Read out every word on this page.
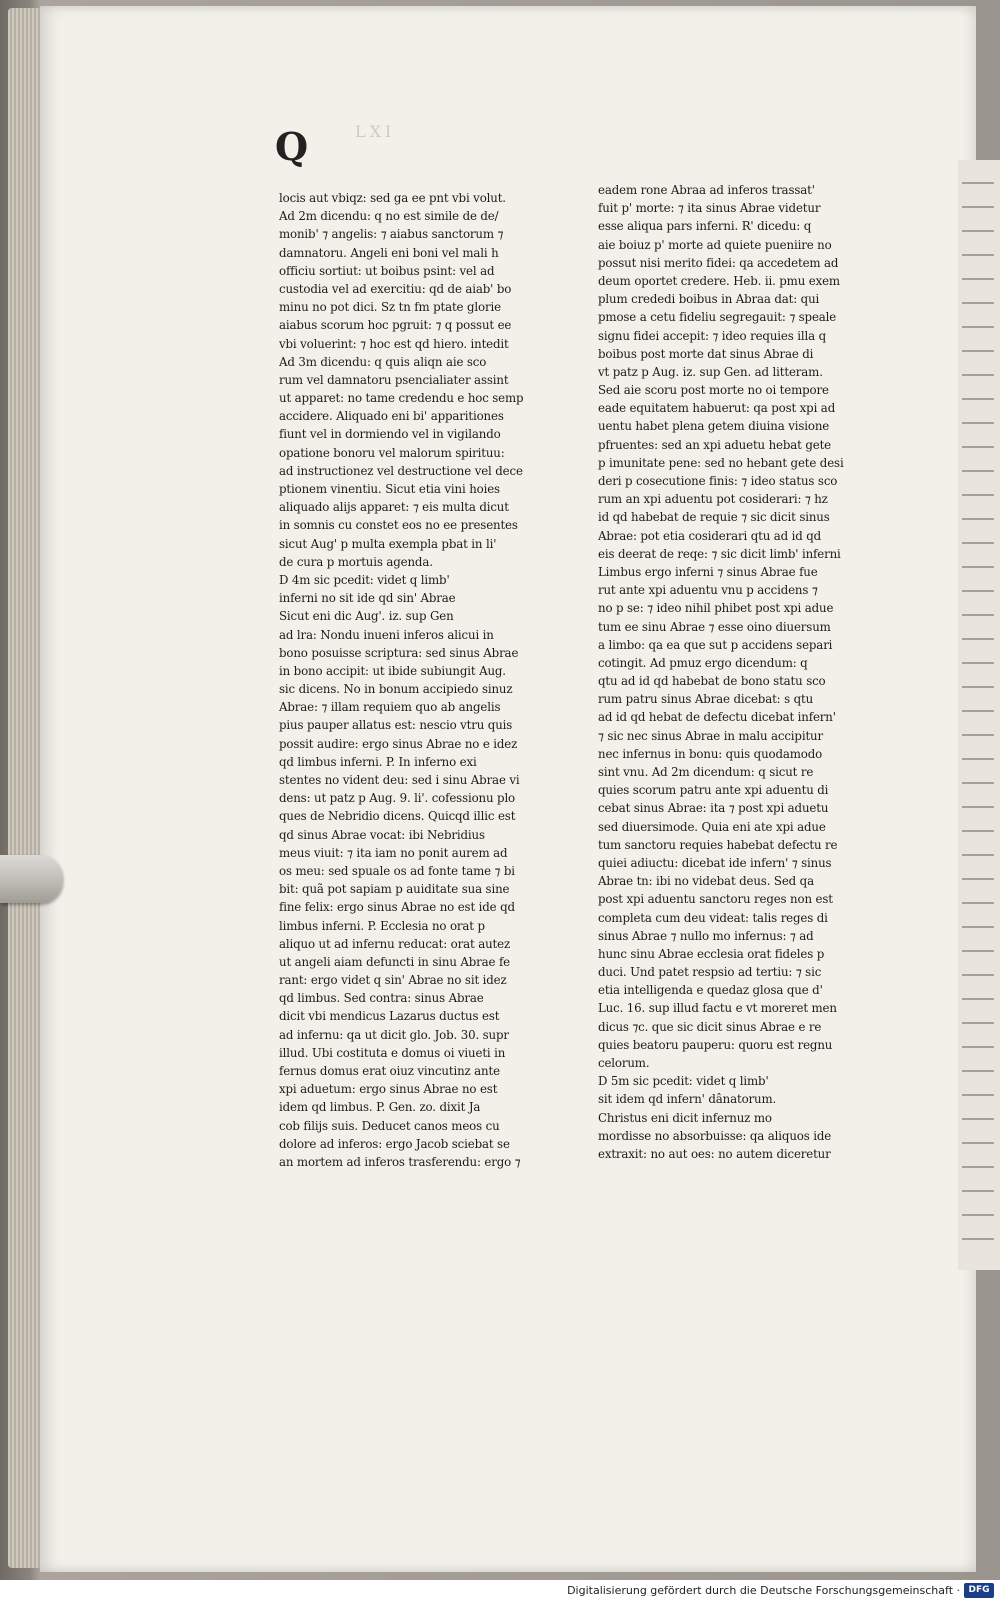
Q	LXI
locis aut vbiqz: sed ga ee pnt vbi volut.
Ad 2m dicendu: q no est simile de de/
monib' ⁊ angelis: ⁊ aiabus sanctorum ⁊
damnatoru. Angeli eni boni vel mali h
officiu sortiut: ut boibus psint: vel ad
custodia vel ad exercitiu: qd de aiab' bo
minu no pot dici. Sz tn fm ptate glorie
aiabus scorum hoc pgruit: ⁊ q possut ee
vbi voluerint: ⁊ hoc est qd hiero. intedit
Ad 3m dicendu: q quis aliqn aie sco
rum vel damnatoru psencialiater assint
ut apparet: no tame credendu e hoc semp
accidere. Aliquado eni bi' apparitiones
fiunt vel in dormiendo vel in vigilando
opatione bonoru vel malorum spirituu:
ad instructionez vel destructione vel dece
ptionem vinentiu. Sicut etia vini hoies
aliquado alijs apparet: ⁊ eis multa dicut
in somnis cu constet eos no ee presentes
sicut Aug' p multa exempla pbat in li'
de cura p mortuis agenda.
D 4m sic pcedit: videt q limb'
inferni no sit ide qd sin' Abrae
Sicut eni dic Aug'. iz. sup Gen
ad lra: Nondu inueni inferos alicui in
bono posuisse scriptura: sed sinus Abrae
in bono accipit: ut ibide subiungit Aug.
sic dicens. No in bonum accipiedo sinuz
Abrae: ⁊ illam requiem quo ab angelis
pius pauper allatus est: nescio vtru quis
possit audire: ergo sinus Abrae no e idez
qd limbus inferni. P. In inferno exi
stentes no vident deu: sed i sinu Abrae vi
dens: ut patz p Aug. 9. li'. cofessionu plo
ques de Nebridio dicens. Quicqd illic est
qd sinus Abrae vocat: ibi Nebridius
meus viuit: ⁊ ita iam no ponit aurem ad
os meu: sed spuale os ad fonte tame ⁊ bi
bit: quã pot sapiam p auiditate sua sine
fine felix: ergo sinus Abrae no est ide qd
limbus inferni. P. Ecclesia no orat p
aliquo ut ad infernu reducat: orat autez
ut angeli aiam defuncti in sinu Abrae fe
rant: ergo videt q sin' Abrae no sit idez
qd limbus. Sed contra: sinus Abrae
dicit vbi mendicus Lazarus ductus est
ad infernu: qa ut dicit glo. Job. 30. supr
illud. Ubi costituta e domus oi viueti in
fernus domus erat oiuz vincutinz ante
xpi aduetum: ergo sinus Abrae no est
idem qd limbus. P. Gen. zo. dixit Ja
cob filijs suis. Deducet canos meos cu
dolore ad inferos: ergo Jacob sciebat se
an mortem ad inferos trasferendu: ergo ⁊
eadem rone Abraa ad inferos trassat'
fuit p' morte: ⁊ ita sinus Abrae videtur
esse aliqua pars inferni. R' dicedu: q
aie boiuz p' morte ad quiete pueniire no
possut nisi merito fidei: qa accedetem ad
deum oportet credere. Heb. ii. pmu exem
plum crededi boibus in Abraa dat: qui
pmose a cetu fideliu segregauit: ⁊ speale
signu fidei accepit: ⁊ ideo requies illa q
boibus post morte dat sinus Abrae di
vt patz p Aug. iz. sup Gen. ad litteram.
Sed aie scoru post morte no oi tempore
eade equitatem habuerut: qa post xpi ad
uentu habet plena getem diuina visione
pfruentes: sed an xpi aduetu hebat gete
p imunitate pene: sed no hebant gete desi
deri p cosecutione finis: ⁊ ideo status sco
rum an xpi aduentu pot cosiderari: ⁊ hz
id qd habebat de requie ⁊ sic dicit sinus
Abrae: pot etia cosiderari qtu ad id qd
eis deerat de reqe: ⁊ sic dicit limb' inferni
Limbus ergo inferni ⁊ sinus Abrae fue
rut ante xpi aduentu vnu p accidens ⁊
no p se: ⁊ ideo nihil phibet post xpi adue
tum ee sinu Abrae ⁊ esse oino diuersum
a limbo: qa ea que sut p accidens separi
cotingit. Ad pmuz ergo dicendum: q
qtu ad id qd habebat de bono statu sco
rum patru sinus Abrae dicebat: s qtu
ad id qd hebat de defectu dicebat infern'
⁊ sic nec sinus Abrae in malu accipitur
nec infernus in bonu: quis quodamodo
sint vnu. Ad 2m dicendum: q sicut re
quies scorum patru ante xpi aduentu di
cebat sinus Abrae: ita ⁊ post xpi aduetu
sed diuersimode. Quia eni ate xpi adue
tum sanctoru requies habebat defectu re
quiei adiuctu: dicebat ide infern' ⁊ sinus
Abrae tn: ibi no videbat deus. Sed qa
post xpi aduentu sanctoru reges non est
completa cum deu videat: talis reges di
sinus Abrae ⁊ nullo mo infernus: ⁊ ad
hunc sinu Abrae ecclesia orat fideles p
duci. Und patet respsio ad tertiu: ⁊ sic
etia intelligenda e quedaz glosa que d'
Luc. 16. sup illud factu e vt moreret men
dicus ⁊c. que sic dicit sinus Abrae e re
quies beatoru pauperu: quoru est regnu
celorum.
D 5m sic pcedit: videt q limb'
sit idem qd infern' dânatorum.
Christus eni dicit infernuz mo
mordisse no absorbuisse: qa aliquos ide
extraxit: no aut oes: no autem diceretur
Digitalisierung gefördert durch die Deutsche Forschungsgemeinschaft · DFG
